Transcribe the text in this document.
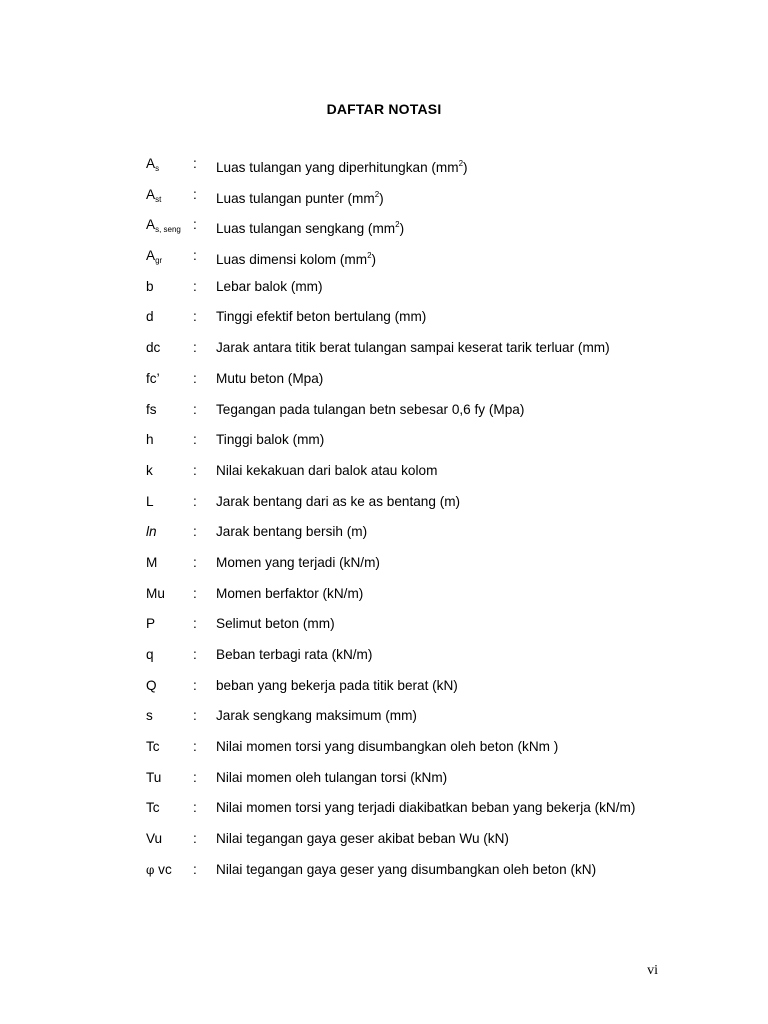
DAFTAR NOTASI
$A_s$ : Luas tulangan yang diperhitungkan $(mm^2)$
$A_{st}$ : Luas tulangan punter $(mm^2)$
$A_{s, seng}$ : Luas tulangan sengkang $(mm^2)$
$A_{gr}$ : Luas dimensi kolom $(mm^2)$
b	: Lebar balok (mm)
d	: Tinggi efektif beton bertulang (mm)
dc : Jarak antara titik berat tulangan sampai keserat tarik terluar (mm)
fc’ : Mutu beton (Mpa)
fs	: Tegangan pada tulangan betn sebesar 0,6 fy (Mpa)
h	: Tinggi balok (mm)
k	: Nilai kekakuan dari balok atau kolom
L	: Jarak bentang dari as ke as bentang (m)
ln	: Jarak bentang bersih (m)
M	: Momen yang terjadi (kN/m)
Mu : Momen berfaktor (kN/m)
P	: Selimut beton (mm)
q	: Beban terbagi rata (kN/m)
Q	: beban yang bekerja pada titik berat (kN)
s	: Jarak sengkang maksimum (mm)
Tc : Nilai momen torsi yang disumbangkan oleh beton (kNm )
Tu : Nilai momen oleh tulangan torsi (kNm)
Tc : Nilai momen torsi yang terjadi diakibatkan beban yang bekerja (kN/m)
Vu : Nilai tegangan gaya geser akibat beban Wu (kN)
φ vc : Nilai tegangan gaya geser yang disumbangkan oleh beton (kN)
vi
